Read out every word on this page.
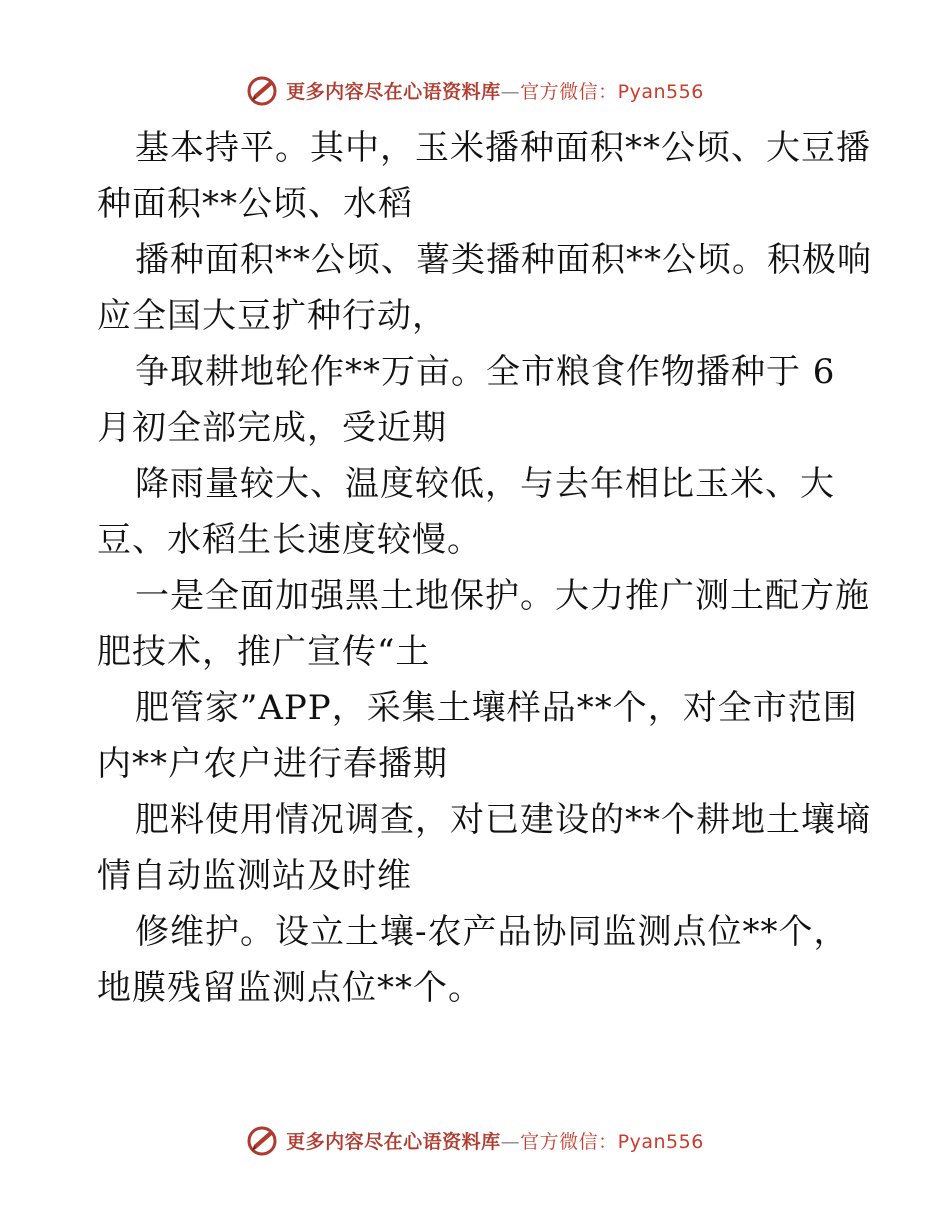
更多内容尽在心语资料库—官方微信：Pyan556
基本持平。其中，玉米播种面积**公顷、大豆播
种面积**公顷、水稻
播种面积**公顷、薯类播种面积**公顷。积极响
应全国大豆扩种行动，
争取耕地轮作**万亩。全市粮食作物播种于 6
月初全部完成，受近期
降雨量较大、温度较低，与去年相比玉米、大
豆、水稻生长速度较慢。
一是全面加强黑土地保护。大力推广测土配方施
肥技术，推广宣传“土
肥管家”APP，采集土壤样品**个，对全市范围
内**户农户进行春播期
肥料使用情况调查，对已建设的**个耕地土壤墒
情自动监测站及时维
修维护。设立土壤-农产品协同监测点位**个，
地膜残留监测点位**个。
更多内容尽在心语资料库—官方微信：Pyan556
